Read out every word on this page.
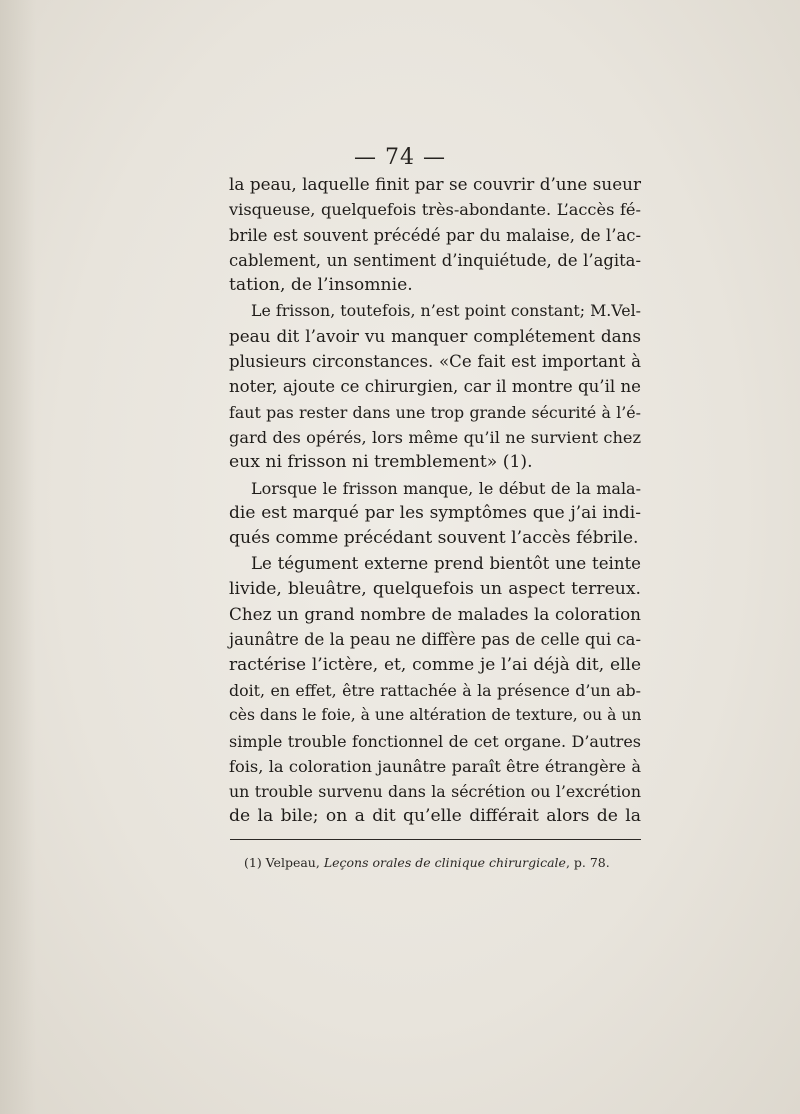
— 74 —

la peau, laquelle finit par se couvrir d’une sueur
visqueuse, quelquefois très-abondante. L’accès fé-
brile est souvent précédé par du malaise, de l’ac-
cablement, un sentiment d’inquiétude, de l’agita-
tation, de l’insomnie.

Le frisson, toutefois, n’est point constant; M.Vel-
peau dit l’avoir vu manquer complétement dans
plusieurs circonstances. «Ce fait est important à
noter, ajoute ce chirurgien, car il montre qu’il ne
faut pas rester dans une trop grande sécurité à l’é-
gard des opérés, lors même qu’il ne survient chez
eux ni frisson ni tremblement» (1).

Lorsque le frisson manque, le début de la mala-
die est marqué par les symptômes que j’ai indi-
qués comme précédant souvent l’accès fébrile.

Le tégument externe prend bientôt une teinte
livide, bleuâtre, quelquefois un aspect terreux.
Chez un grand nombre de malades la coloration
jaunâtre de la peau ne diffère pas de celle qui ca-
ractérise l’ictère, et, comme je l’ai déjà dit, elle
doit, en effet, être rattachée à la présence d’un ab-
cès dans le foie, à une altération de texture, ou à un
simple trouble fonctionnel de cet organe. D’autres
fois, la coloration jaunâtre paraît être étrangère à
un trouble survenu dans la sécrétion ou l’excrétion
de la bile; on a dit qu’elle différait alors de la

(1) Velpeau, Leçons orales de clinique chirurgicale, p. 78.
